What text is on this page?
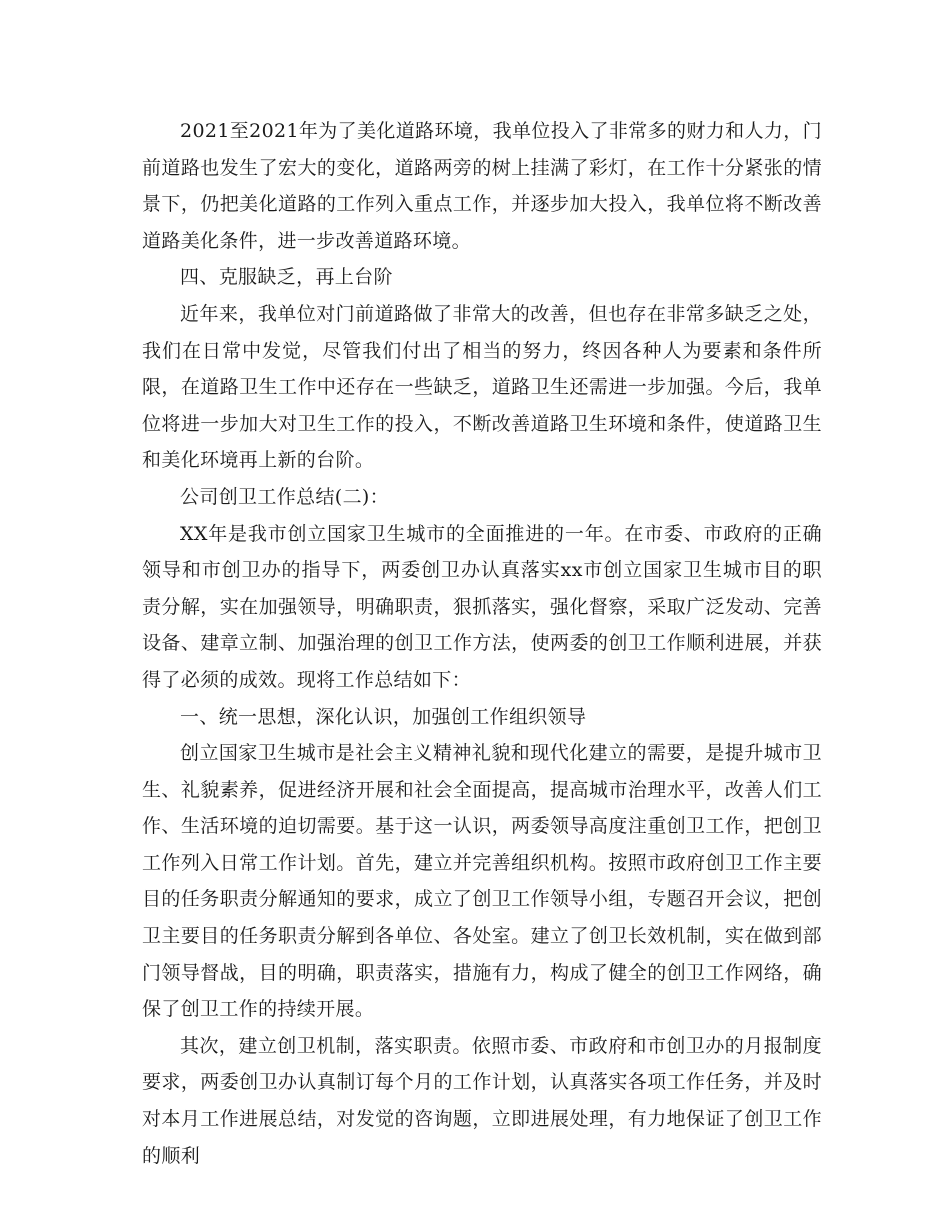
2021至2021年为了美化道路环境，我单位投入了非常多的财力和人力，门前道路也发生了宏大的变化，道路两旁的树上挂满了彩灯，在工作十分紧张的情景下，仍把美化道路的工作列入重点工作，并逐步加大投入，我单位将不断改善道路美化条件，进一步改善道路环境。

四、克服缺乏，再上台阶

近年来，我单位对门前道路做了非常大的改善，但也存在非常多缺乏之处，我们在日常中发觉，尽管我们付出了相当的努力，终因各种人为要素和条件所限，在道路卫生工作中还存在一些缺乏，道路卫生还需进一步加强。今后，我单位将进一步加大对卫生工作的投入，不断改善道路卫生环境和条件，使道路卫生和美化环境再上新的台阶。

公司创卫工作总结(二)：

XX年是我市创立国家卫生城市的全面推进的一年。在市委、市政府的正确领导和市创卫办的指导下，两委创卫办认真落实xx市创立国家卫生城市目的职责分解，实在加强领导，明确职责，狠抓落实，强化督察，采取广泛发动、完善设备、建章立制、加强治理的创卫工作方法，使两委的创卫工作顺利进展，并获得了必须的成效。现将工作总结如下：

一、统一思想，深化认识，加强创工作组织领导

创立国家卫生城市是社会主义精神礼貌和现代化建立的需要，是提升城市卫生、礼貌素养，促进经济开展和社会全面提高，提高城市治理水平，改善人们工作、生活环境的迫切需要。基于这一认识，两委领导高度注重创卫工作，把创卫工作列入日常工作计划。首先，建立并完善组织机构。按照市政府创卫工作主要目的任务职责分解通知的要求，成立了创卫工作领导小组，专题召开会议，把创卫主要目的任务职责分解到各单位、各处室。建立了创卫长效机制，实在做到部门领导督战，目的明确，职责落实，措施有力，构成了健全的创卫工作网络，确保了创卫工作的持续开展。

其次，建立创卫机制，落实职责。依照市委、市政府和市创卫办的月报制度要求，两委创卫办认真制订每个月的工作计划，认真落实各项工作任务，并及时对本月工作进展总结，对发觉的咨询题，立即进展处理，有力地保证了创卫工作的顺利
